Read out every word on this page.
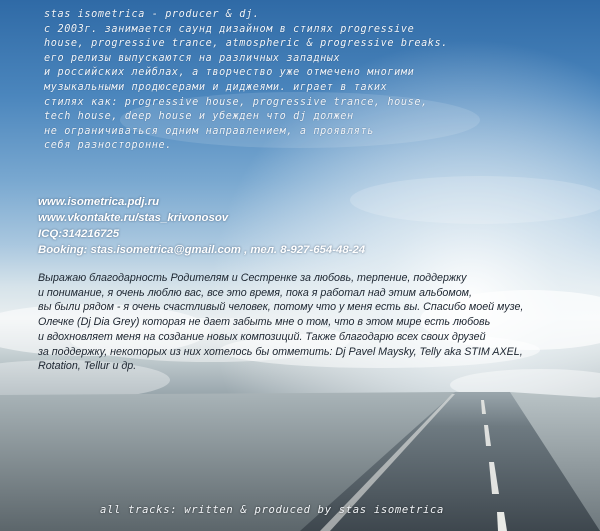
stas isometrica - producer & dj.
с 2003г. занимается саунд дизайном в стилях progressive
house, progressive trance, atmospheric & progressive breaks.
его релизы выпускаются на различных западных
и российских лейблах, а творчество уже отмечено многими
музыкальными продюсерами и диджеями. играет в таких
стилях как: progressive house, progressive trance, house,
tech house, deep house и убежден что dj должен
не ограничиваться одним направлением, а проявлять
себя разносторонне.
www.isometrica.pdj.ru
www.vkontakte.ru/stas_krivonosov
ICQ:314216725
Booking: stas.isometrica@gmail.com , тел. 8-927-654-48-24
Выражаю благодарность Родителям и Сестренке за любовь, терпение, поддержку
и понимание, я очень люблю вас, все это время, пока я работал над этим альбомом,
вы были рядом - я очень счастливый человек, потому что у меня есть вы. Спасибо моей музе,
Олечке (Dj Dia Grey) которая не дает забыть мне о том, что в этом мире есть любовь
и вдохновляет меня на создание новых композиций. Также благодарю всех своих друзей
за поддержку, некоторых из них хотелось бы отметить: Dj Pavel Maysky, Telly aka STIM AXEL,
Rotation, Tellur и др.
all tracks: written & produced by stas isometrica
